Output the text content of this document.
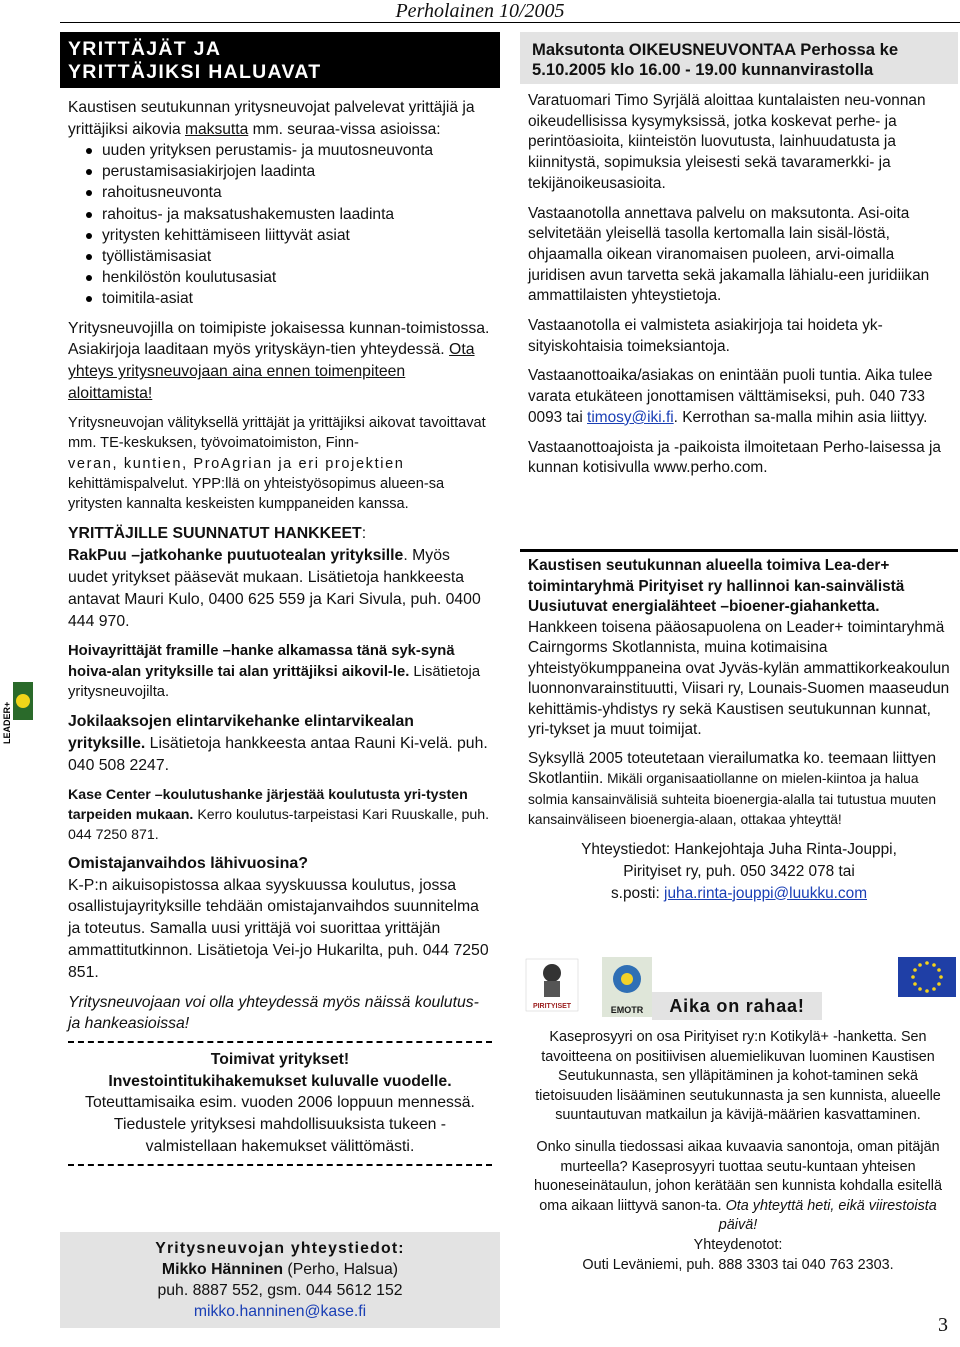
Perholainen 10/2005
LEADER+
YRITTÄJÄT JA
YRITTÄJIKSI HALUAVAT

Kaustisen seutukunnan yritysneuvojat palvelevat yrittäjiä ja yrittäjiksi aikovia maksutta mm. seuraa-vissa asioissa:

uuden yrityksen perustamis- ja muutosneuvonta
perustamisasiakirjojen laadinta
rahoitusneuvonta
rahoitus- ja maksatushakemusten laadinta
yritysten kehittämiseen liittyvät asiat
työllistämisasiat
henkilöstön koulutusasiat
toimitila-asiat

Yritysneuvojilla on toimipiste jokaisessa kunnan-toimistossa. Asiakirjoja laaditaan myös yrityskäyn-tien yhteydessä. Ota yhteys yritysneuvojaan aina ennen toimenpiteen aloittamista!

Yritysneuvojan välityksellä yrittäjät ja yrittäjiksi aikovat tavoittavat mm. TE-keskuksen, työvoimatoimiston, Finn-
veran, kuntien, ProAgrian ja eri projektien
kehittämispalvelut. YPP:llä on yhteistyösopimus alueen-sa yritysten kannalta keskeisten kumppaneiden kanssa.

YRITTÄJILLE SUUNNATUT HANKKEET:
RakPuu –jatkohanke puutuotealan yrityksille. Myös uudet yritykset pääsevät mukaan. Lisätietoja hankkeesta antavat Mauri Kulo, 0400 625 559 ja Kari Sivula, puh. 0400 444 970.

Hoivayrittäjät framille –hanke alkamassa tänä syk-synä hoiva-alan yrityksille tai alan yrittäjiksi aikovil-le. Lisätietoja yritysneuvojilta.

Jokilaaksojen elintarvikehanke elintarvikealan yrityksille. Lisätietoja hankkeesta antaa Rauni Ki-velä. puh. 040 508 2247.

Kase Center –koulutushanke järjestää koulutusta yri-tysten tarpeiden mukaan. Kerro koulutus-tarpeistasi Kari Ruuskalle, puh. 044 7250 871.

Omistajanvaihdos lähivuosina?

K-P:n aikuisopistossa alkaa syyskuussa koulutus, jossa osallistujayrityksille tehdään omistajanvaihdos suunnitelma ja toteutus. Samalla uusi yrittäjä voi suorittaa yrittäjän ammattitutkinnon. Lisätietoja Vei-jo Hukarilta, puh. 044 7250 851.

Yritysneuvojaan voi olla yhteydessä myös näissä koulutus- ja hankeasioissa!

Toimivat yritykset!
Investointitukihakemukset kuluvalle vuodelle.
Toteuttamisaika esim. vuoden 2006 loppuun mennessä. Tiedustele yrityksesi mahdollisuuksista tukeen - valmistellaan hakemukset välittömästi.
Yritysneuvojan yhteystiedot:
Mikko Hänninen (Perho, Halsua)
puh. 8887 552, gsm. 044 5612 152
mikko.hanninen@kase.fi
Maksutonta OIKEUSNEUVONTAA Perhossa ke 5.10.2005 klo 16.00 - 19.00 kunnanvirastolla

Varatuomari Timo Syrjälä aloittaa kuntalaisten neu-vonnan oikeudellisissa kysymyksissä, jotka koskevat perhe- ja perintöasioita, kiinteistön luovutusta, lainhuudatusta ja kiinnitystä, sopimuksia yleisesti sekä tavaramerkki- ja tekijänoikeusasioita.

Vastaanotolla annettava palvelu on maksutonta. Asi-oita selvitetään yleisellä tasolla kertomalla lain sisäl-löstä, ohjaamalla oikean viranomaisen puoleen, arvi-oimalla juridisen avun tarvetta sekä jakamalla lähialu-een juridiikan ammattilaisten yhteystietoja.

Vastaanotolla ei valmisteta asiakirjoja tai hoideta yk-sityiskohtaisia toimeksiantoja.

Vastaanottoaika/asiakas on enintään puoli tuntia. Aika tulee varata etukäteen jonottamisen välttämiseksi, puh. 040 733 0093 tai timosy@iki.fi. Kerrothan sa-malla mihin asia liittyy.

Vastaanottoajoista ja -paikoista ilmoitetaan Perho-laisessa ja kunnan kotisivulla www.perho.com.

Kaustisen seutukunnan alueella toimiva Lea-der+ toimintaryhmä Pirityiset ry hallinnoi kan-sainvälistä Uusiutuvat energialähteet –bioener-giahanketta. Hankkeen toisena pääosapuolena on Leader+ toimintaryhmä Cairngorms Skotlannista, muina kotimaisina yhteistyökumppaneina ovat Jyväs-kylän ammattikorkeakoulun luonnonvarainstituutti, Viisari ry, Lounais-Suomen maaseudun kehittämis-yhdistys ry sekä Kaustisen seutukunnan kunnat, yri-tykset ja muut toimijat.

Syksyllä 2005 toteutetaan vierailumatka ko. teemaan liittyen Skotlantiin. Mikäli organisaatiollanne on mielen-kiintoa ja halua solmia kansainvälisiä suhteita bioenergia-alalla tai tutustua muuten kansainväliseen bioenergia-alaan, ottakaa yhteyttä!

Yhteystiedot: Hankejohtaja Juha Rinta-Jouppi,
Pirityiset ry, puh. 050 3422 078 tai
s.posti: juha.rinta-jouppi@luukku.com
PIRITYISET	EMOTR	Aika on rahaa!

Kaseprosyyri on osa Pirityiset ry:n Kotikylä+ -hanketta. Sen tavoitteena on positiivisen aluemielikuvan luominen Kaustisen Seutukunnasta, sen ylläpitäminen ja kohot-taminen sekä tietoisuuden lisääminen seutukunnasta ja sen kunnista, alueelle suuntautuvan matkailun ja kävijä-määrien kasvattaminen.

Onko sinulla tiedossasi aikaa kuvaavia sanontoja, oman pitäjän murteella? Kaseprosyyri tuottaa seutu-kuntaan yhteisen huoneseinätaulun, johon kerätään sen kunnista kohdalla esitellä oma aikaan liittyvä sanon-ta. Ota yhteyttä heti, eikä viirestoista päivä!

Yhteydenotot:

Outi Leväniemi, puh. 888 3303 tai 040 763 2303.

3
